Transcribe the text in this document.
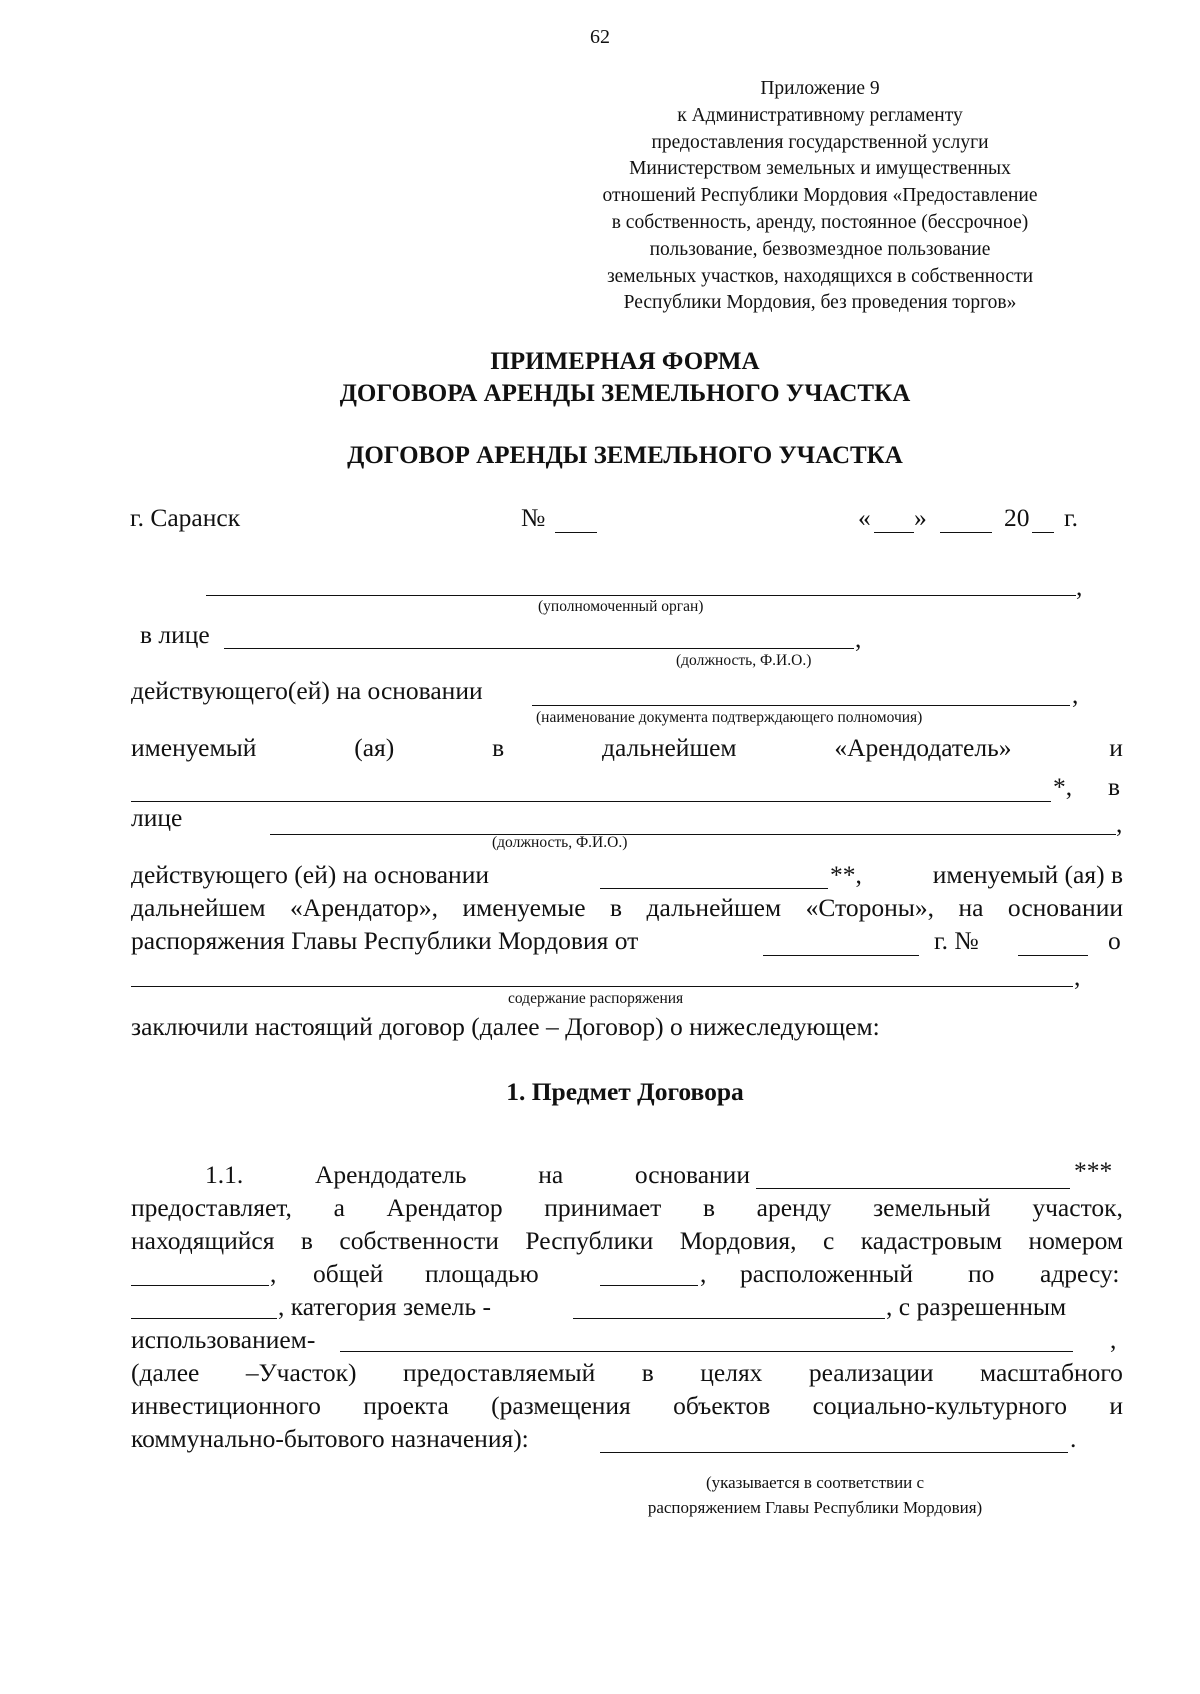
62
Приложение 9
к Административному регламенту
предоставления государственной услуги
Министерством земельных и имущественных
отношений Республики Мордовия «Предоставление
в собственность, аренду, постоянное (бессрочное)
пользование, безвозмездное пользование
земельных участков, находящихся в собственности
Республики Мордовия, без проведения торгов»
ПРИМЕРНАЯ ФОРМА
ДОГОВОРА АРЕНДЫ ЗЕМЕЛЬНОГО УЧАСТКА
ДОГОВОР АРЕНДЫ ЗЕМЕЛЬНОГО УЧАСТКА
г. Саранск	№	« »	20 г.
,
(уполномоченный орган)
в лице	,
(должность, Ф.И.О.)
действующего(ей) на основании	,
(наименование документа подтверждающего полномочия)
именуемый	(ая)	в	дальнейшем	«Арендодатель»	и
*, в
лице	,
(должность, Ф.И.О.)
действующего (ей) на основании	**,	именуемый (ая) в
дальнейшем «Арендатор», именуемые в дальнейшем «Стороны», на основании
распоряжения Главы Республики Мордовия от	г. №	о
,
содержание распоряжения
заключили настоящий договор (далее – Договор) о нижеследующем:
1. Предмет Договора
1.1.	Арендодатель	на	основании	***
предоставляет, а Арендатор принимает в аренду земельный участок,
находящийся в собственности Республики Мордовия, с кадастровым номером
, общей площадью	, расположенный по адресу:
, категория земель -	, с разрешенным
использованием-	,
(далее –Участок) предоставляемый в целях реализации масштабного
инвестиционного проекта (размещения объектов социально-культурного и
коммунально-бытового назначения):	.
(указывается в соответствии с
распоряжением Главы Республики Мордовия)
